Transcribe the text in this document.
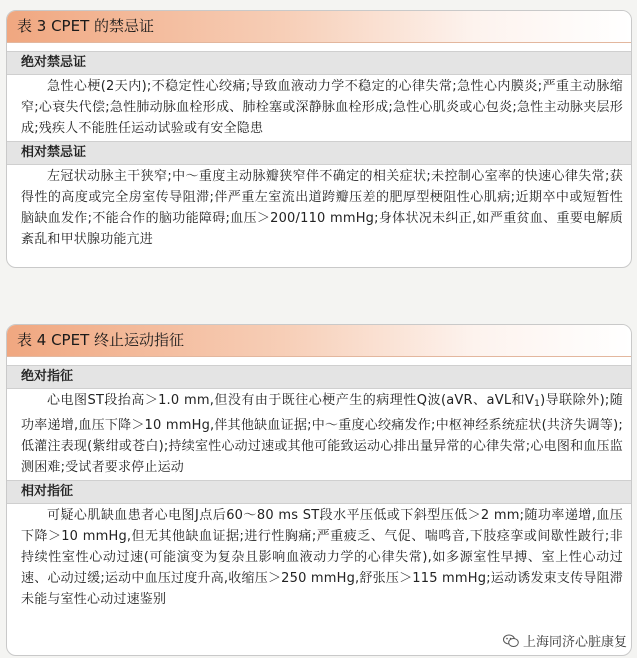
表 3 CPET 的禁忌证
绝对禁忌证
急性心梗(2天内);不稳定性心绞痛;导致血液动力学不稳定的心律失常;急性心内膜炎;严重主动脉缩窄;心衰失代偿;急性肺动脉血栓形成、肺栓塞或深静脉血栓形成;急性心肌炎或心包炎;急性主动脉夹层形成;残疾人不能胜任运动试验或有安全隐患
相对禁忌证
左冠状动脉主干狭窄;中～重度主动脉瓣狭窄伴不确定的相关症状;未控制心室率的快速心律失常;获得性的高度或完全房室传导阻滞;伴严重左室流出道跨瓣压差的肥厚型梗阻性心肌病;近期卒中或短暂性脑缺血发作;不能合作的脑功能障碍;血压＞200/110 mmHg;身体状况未纠正,如严重贫血、重要电解质紊乱和甲状腺功能亢进
表 4 CPET 终止运动指征
绝对指征
心电图ST段抬高＞1.0 mm,但没有由于既往心梗产生的病理性Q波(aVR、aVL和$V_1$)导联除外);随功率递增,血压下降＞10 mmHg,伴其他缺血证据;中～重度心绞痛发作;中枢神经系统症状(共济失调等);低灌注表现(紫绀或苍白);持续室性心动过速或其他可能致运动心排出量异常的心律失常;心电图和血压监测困难;受试者要求停止运动
相对指征
可疑心肌缺血患者心电图J点后60～80 ms ST段水平压低或下斜型压低＞2 mm;随功率递增,血压下降＞10 mmHg,但无其他缺血证据;进行性胸痛;严重疲乏、气促、喘鸣音,下肢痉挛或间歇性跛行;非持续性室性心动过速(可能演变为复杂且影响血液动力学的心律失常),如多源室性早搏、室上性心动过速、心动过缓;运动中血压过度升高,收缩压＞250 mmHg,舒张压＞115 mmHg;运动诱发束支传导阻滞未能与室性心动过速鉴别
上海同济心脏康复
